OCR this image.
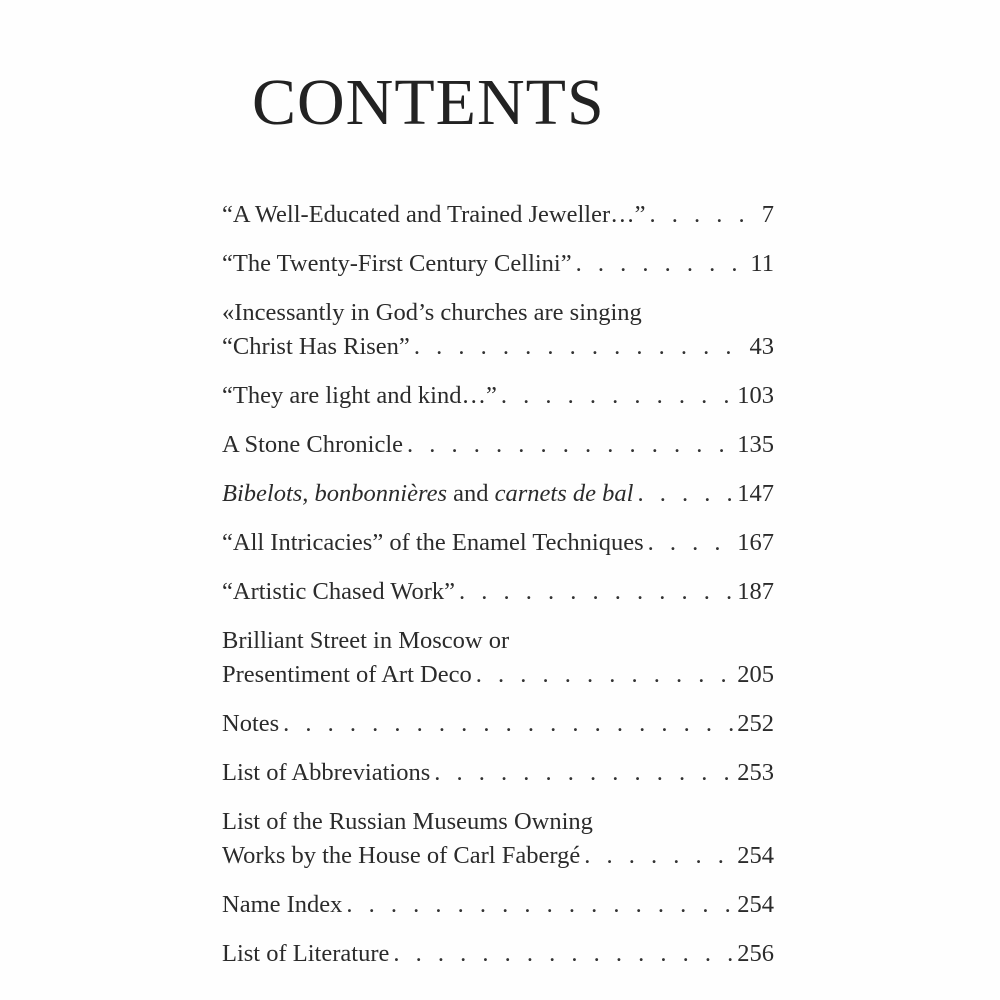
CONTENTS
“A Well-Educated and Trained Jeweller…” . . .	7
“The Twenty-First Century Cellini” . . .	11
«Incessantly in God’s churches are singing
“Christ Has Risen” . . .	43
“They are light and kind…” . . .	103
A Stone Chronicle . . .	135
Bibelots, bonbonnières and carnets de bal . . .	147
“All Intricacies” of the Enamel Techniques . . .	167
“Artistic Chased Work” . . .	187
Brilliant Street in Moscow or
Presentiment of Art Deco . . .	205
Notes . . .	252
List of Abbreviations . . .	253
List of the Russian Museums Owning
Works by the House of Carl Fabergé . . .	254
Name Index . . .	254
List of Literature . . .	256
